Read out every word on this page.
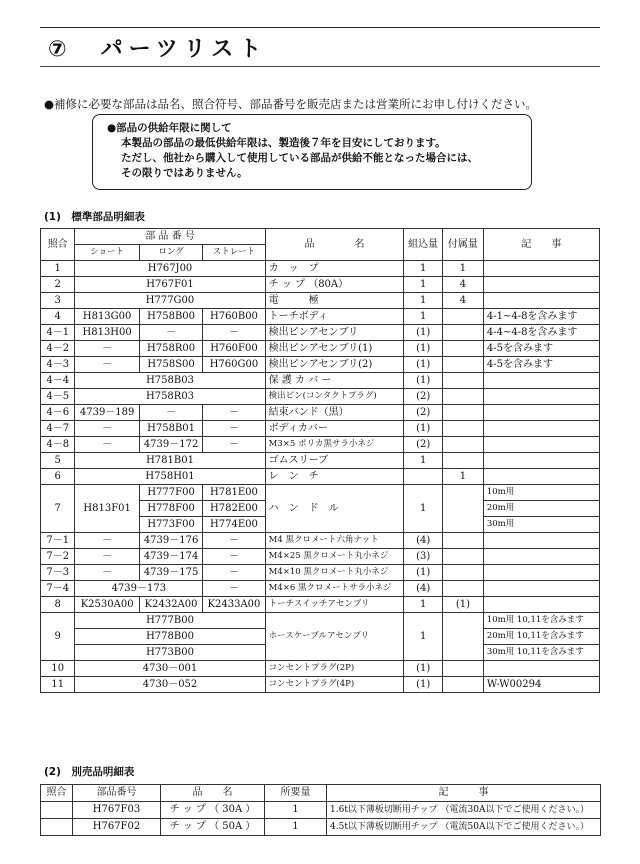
⑦　パーツリスト
●補修に必要な部品は品名、照合符号、部品番号を販売店または営業所にお申し付けください。
●部品の供給年限に関して
本製品の部品の最低供給年限は、製造後７年を目安にしております。
ただし、他社から購入して使用している部品が供給不能となった場合には、
その限りではありません。
(1)　標準部品明細表
照合	部 品 番 号			品　　　　名	組込量	付属量	記　　事
	ショート	ロング	ストレート				
1	H767J00			カ　ッ　プ	1	1	
2	H767F01			チ ッ プ （80A）	1	4	
3	H777G00			電　　　極	1	4	
4	H813G00	H758B00	H760B00	トーチボディ	1		4-1~4-8を含みます
4－1	H813H00	－	－	検出ピンアセンブリ	(1)		4-4~4-8を含みます
4－2	－	H758R00	H760F00	検出ピンアセンブリ(1)	(1)		4-5を含みます
4－3	－	H758S00	H760G00	検出ピンアセンブリ(2)	(1)		4-5を含みます
4－4	H758B03			保 護 カ バ ー	(1)		
4－5	H758R03			検出ピン(コンタクトプラグ)	(2)		
4－6	4739－189	－	－	結束バンド（黒）	(2)		
4－7	－	H758B01	－	ボディカバー	(1)		
4－8	－	4739－172	－	M3×5 ポリカ黒サラ小ネジ	(2)		
5	H781B01			ゴムスリーブ	1		
6	H758H01			レ　ン　チ		1	
7	H813F01	H777F00	H781E00	ハ　ン　ド　ル	1		10m用
		H778F00	H782E00				20m用
		H773F00	H774E00				30m用
7－1	－	4739－176	－	M4 黒クロメート六角ナット	(4)		
7－2	－	4739－174	－	M4×25 黒クロメート丸小ネジ	(3)		
7－3	－	4739－175	－	M4×10 黒クロメート丸小ネジ	(1)		
7－4	4739－173		－	M4×6 黒クロメートサラ小ネジ	(4)		
8	K2530A00	K2432A00	K2433A00	トーチスイッチアセンブリ	1	(1)	
9	H777B00			ホースケーブルアセンブリ	1		10m用 10,11を含みます
	H778B00						20m用 10,11を含みます
	H773B00						30m用 10,11を含みます
10	4730－001			コンセントプラグ(2P)	(1)		
11	4730－052			コンセントプラグ(4P)	(1)		W-W00294
(2)　別売品明細表
照合	部品番号	品　　名	所要量	記　　　事
	H767F03	チ ッ プ （ 30A ）	1	1.6t以下薄板切断用チップ （電流30A以下でご使用ください。）
	H767F02	チ ッ プ （ 50A ）	1	4.5t以下薄板切断用チップ （電流50A以下でご使用ください。）
